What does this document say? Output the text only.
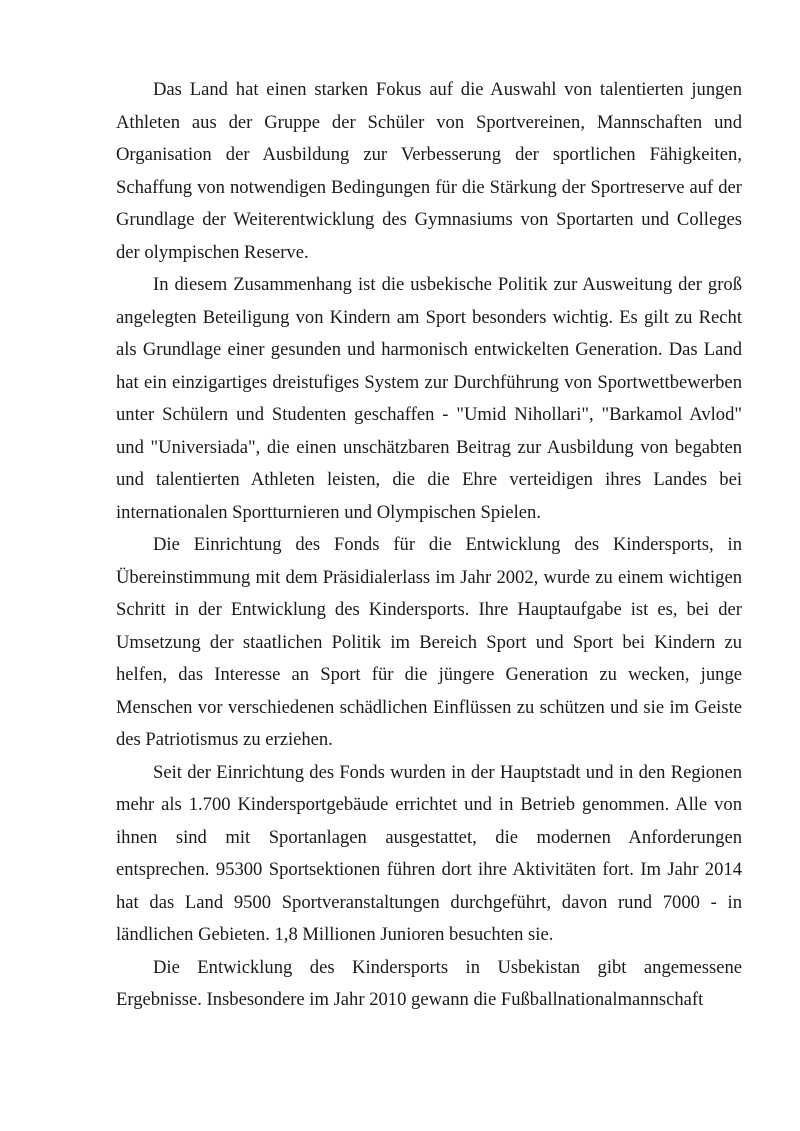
Das Land hat einen starken Fokus auf die Auswahl von talentierten jungen Athleten aus der Gruppe der Schüler von Sportvereinen, Mannschaften und Organisation der Ausbildung zur Verbesserung der sportlichen Fähigkeiten, Schaffung von notwendigen Bedingungen für die Stärkung der Sportreserve auf der Grundlage der Weiterentwicklung des Gymnasiums von Sportarten und Colleges der olympischen Reserve.

In diesem Zusammenhang ist die usbekische Politik zur Ausweitung der groß angelegten Beteiligung von Kindern am Sport besonders wichtig. Es gilt zu Recht als Grundlage einer gesunden und harmonisch entwickelten Generation. Das Land hat ein einzigartiges dreistufiges System zur Durchführung von Sportwettbewerben unter Schülern und Studenten geschaffen - "Umid Nihollari", "Barkamol Avlod" und "Universiada", die einen unschätzbaren Beitrag zur Ausbildung von begabten und talentierten Athleten leisten, die die Ehre verteidigen ihres Landes bei internationalen Sportturnieren und Olympischen Spielen.

Die Einrichtung des Fonds für die Entwicklung des Kindersports, in Übereinstimmung mit dem Präsidialerlass im Jahr 2002, wurde zu einem wichtigen Schritt in der Entwicklung des Kindersports. Ihre Hauptaufgabe ist es, bei der Umsetzung der staatlichen Politik im Bereich Sport und Sport bei Kindern zu helfen, das Interesse an Sport für die jüngere Generation zu wecken, junge Menschen vor verschiedenen schädlichen Einflüssen zu schützen und sie im Geiste des Patriotismus zu erziehen.

Seit der Einrichtung des Fonds wurden in der Hauptstadt und in den Regionen mehr als 1.700 Kindersportgebäude errichtet und in Betrieb genommen. Alle von ihnen sind mit Sportanlagen ausgestattet, die modernen Anforderungen entsprechen. 95300 Sportsektionen führen dort ihre Aktivitäten fort. Im Jahr 2014 hat das Land 9500 Sportveranstaltungen durchgeführt, davon rund 7000 - in ländlichen Gebieten. 1,8 Millionen Junioren besuchten sie.

Die Entwicklung des Kindersports in Usbekistan gibt angemessene Ergebnisse. Insbesondere im Jahr 2010 gewann die Fußballnationalmannschaft
